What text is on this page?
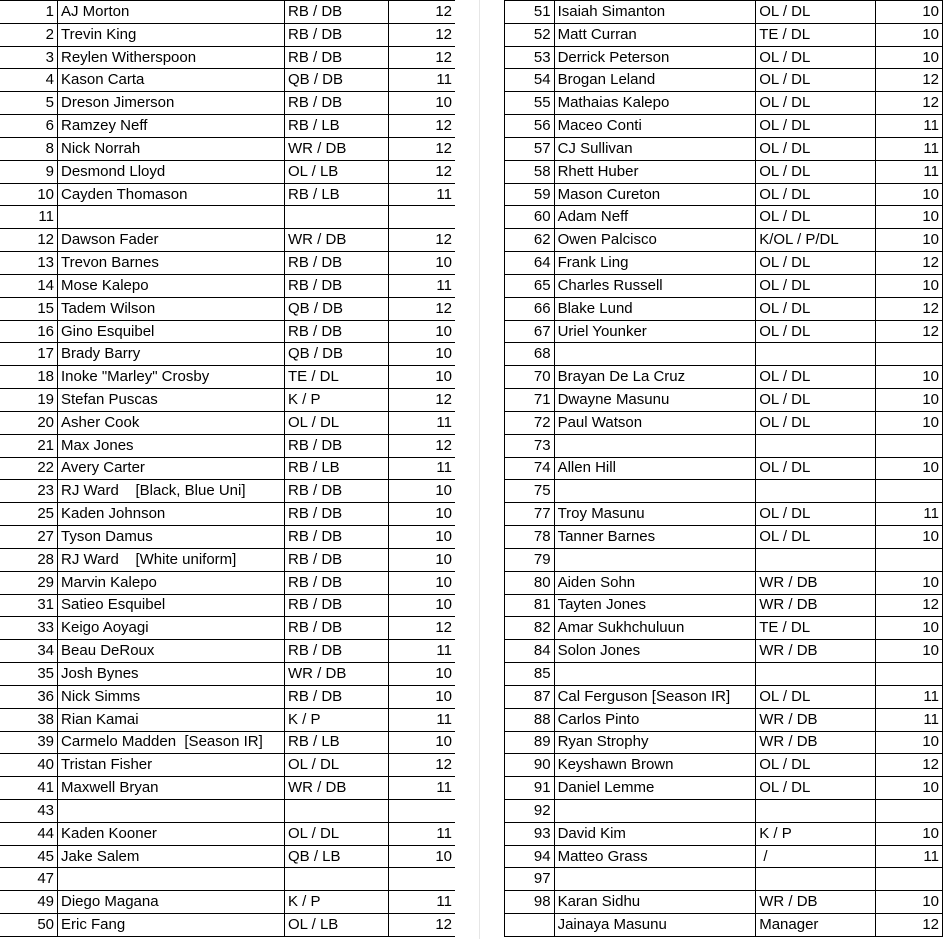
1	AJ Morton	RB / DB	12
2	Trevin King	RB / DB	12
3	Reylen Witherspoon	RB / DB	12
4	Kason Carta	QB / DB	11
5	Dreson Jimerson	RB / DB	10
6	Ramzey Neff	RB / LB	12
8	Nick Norrah	WR / DB	12
9	Desmond Lloyd	OL / LB	12
10	Cayden Thomason	RB / LB	11
11			
12	Dawson Fader	WR / DB	12
13	Trevon Barnes	RB / DB	10
14	Mose Kalepo	RB / DB	11
15	Tadem Wilson	QB / DB	12
16	Gino Esquibel	RB / DB	10
17	Brady Barry	QB / DB	10
18	Inoke "Marley" Crosby	TE / DL	10
19	Stefan Puscas	K / P	12
20	Asher Cook	OL / DL	11
21	Max Jones	RB / DB	12
22	Avery Carter	RB / LB	11
23	RJ Ward    [Black, Blue Uni]	RB / DB	10
25	Kaden Johnson	RB / DB	10
27	Tyson Damus	RB / DB	10
28	RJ Ward    [White uniform]	RB / DB	10
29	Marvin Kalepo	RB / DB	10
31	Satieo Esquibel	RB / DB	10
33	Keigo Aoyagi	RB / DB	12
34	Beau DeRoux	RB / DB	11
35	Josh Bynes	WR / DB	10
36	Nick Simms	RB / DB	10
38	Rian Kamai	K / P	11
39	Carmelo Madden  [Season IR]	RB / LB	10
40	Tristan Fisher	OL / DL	12
41	Maxwell Bryan	WR / DB	11
43			
44	Kaden Kooner	OL / DL	11
45	Jake Salem	QB / LB	10
47			
49	Diego Magana	K / P	11
50	Eric Fang	OL / LB	12
51	Isaiah Simanton	OL / DL	10
52	Matt Curran	TE / DL	10
53	Derrick Peterson	OL / DL	10
54	Brogan Leland	OL / DL	12
55	Mathaias Kalepo	OL / DL	12
56	Maceo Conti	OL / DL	11
57	CJ Sullivan	OL / DL	11
58	Rhett Huber	OL / DL	11
59	Mason Cureton	OL / DL	10
60	Adam Neff	OL / DL	10
62	Owen Palcisco	K/OL / P/DL	10
64	Frank Ling	OL / DL	12
65	Charles Russell	OL / DL	10
66	Blake Lund	OL / DL	12
67	Uriel Younker	OL / DL	12
68			
70	Brayan De La Cruz	OL / DL	10
71	Dwayne Masunu	OL / DL	10
72	Paul Watson	OL / DL	10
73			
74	Allen Hill	OL / DL	10
75			
77	Troy Masunu	OL / DL	11
78	Tanner Barnes	OL / DL	10
79			
80	Aiden Sohn	WR / DB	10
81	Tayten Jones	WR / DB	12
82	Amar Sukhchuluun	TE / DL	10
84	Solon Jones	WR / DB	10
85			
87	Cal Ferguson [Season IR]	OL / DL	11
88	Carlos Pinto	WR / DB	11
89	Ryan Strophy	WR / DB	10
90	Keyshawn Brown	OL / DL	12
91	Daniel Lemme	OL / DL	10
92			
93	David Kim	K / P	10
94	Matteo Grass	/	11
97			
98	Karan Sidhu	WR / DB	10
	Jainaya Masunu	Manager	12
